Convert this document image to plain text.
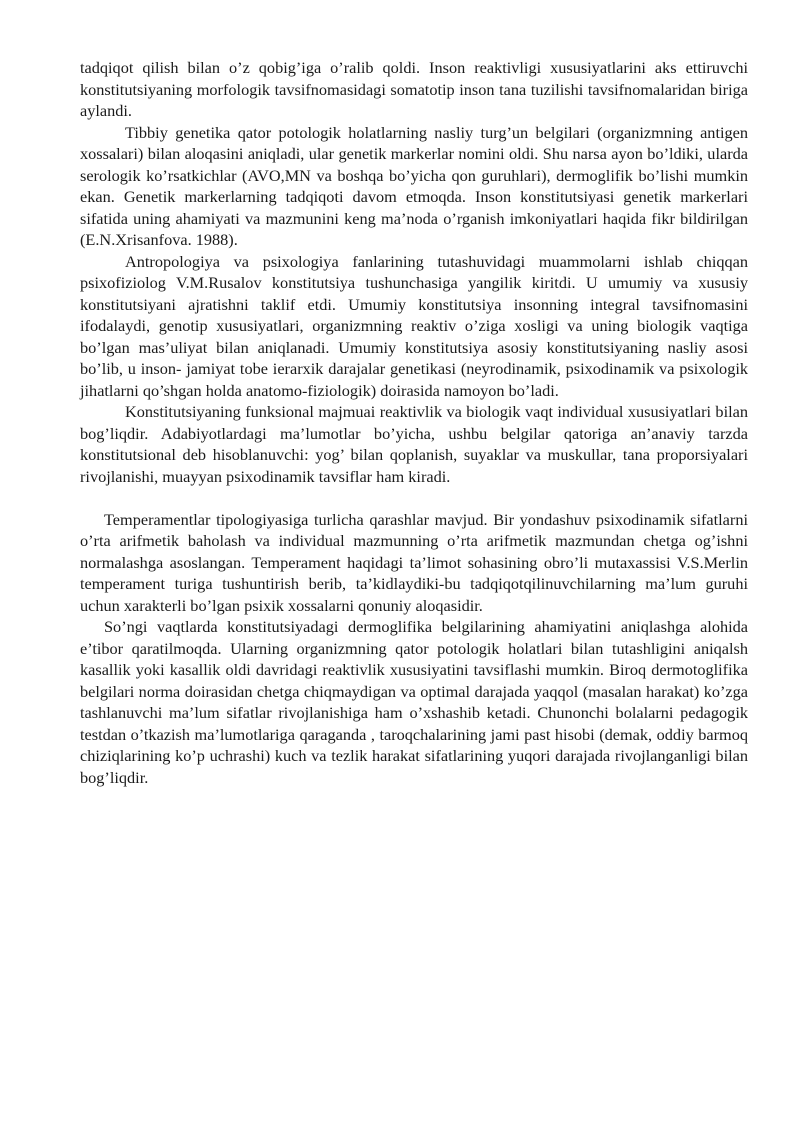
tadqiqot qilish bilan o’z qobig’iga o’ralib qoldi. Inson reaktivligi xususiyatlarini aks ettiruvchi konstitutsiyaning morfologik tavsifnomasidagi somatotip inson tana tuzilishi tavsifnomalaridan biriga aylandi.

Tibbiy genetika qator potologik holatlarning nasliy turg’un belgilari (organizmning antigen xossalari) bilan aloqasini aniqladi, ular genetik markerlar nomini oldi. Shu narsa ayon bo’ldiki, ularda serologik ko’rsatkichlar (AVO,MN va boshqa bo’yicha qon guruhlari), dermoglifik bo’lishi mumkin ekan. Genetik markerlarning tadqiqoti davom etmoqda. Inson konstitutsiyasi genetik markerlari sifatida uning ahamiyati va mazmunini keng ma’noda o’rganish imkoniyatlari haqida fikr bildirilgan (E.N.Xrisanfova. 1988).

Antropologiya va psixologiya fanlarining tutashuvidagi muammolarni ishlab chiqqan psixofiziolog V.M.Rusalov konstitutsiya tushunchasiga yangilik kiritdi. U umumiy va xususiy konstitutsiyani ajratishni taklif etdi. Umumiy konstitutsiya insonning integral tavsifnomasini ifodalaydi, genotip xususiyatlari, organizmning reaktiv o’ziga xosligi va uning biologik vaqtiga bo’lgan mas’uliyat bilan aniqlanadi. Umumiy konstitutsiya asosiy konstitutsiyaning nasliy asosi bo’lib, u inson- jamiyat tobe ierarxik darajalar genetikasi (neyrodinamik, psixodinamik va psixologik jihatlarni qo’shgan holda anatomo-fiziologik) doirasida namoyon bo’ladi.

Konstitutsiyaning funksional majmuai reaktivlik va biologik vaqt individual xususiyatlari bilan bog’liqdir. Adabiyotlardagi ma’lumotlar bo’yicha, ushbu belgilar qatoriga an’anaviy tarzda konstitutsional deb hisoblanuvchi: yog’ bilan qoplanish, suyaklar va muskullar, tana proporsiyalari rivojlanishi, muayyan psixodinamik tavsiflar ham kiradi.

Temperamentlar tipologiyasiga turlicha qarashlar mavjud. Bir yondashuv psixodinamik sifatlarni o’rta arifmetik baholash va individual mazmunning o’rta arifmetik mazmundan chetga og’ishni normalashga asoslangan. Temperament haqidagi ta’limot sohasining obro’li mutaxassisi V.S.Merlin temperament turiga tushuntirish berib, ta’kidlaydiki-bu tadqiqotqilinuvchilarning ma’lum guruhi uchun xarakterli bo’lgan psixik xossalarni qonuniy aloqasidir.

So’ngi vaqtlarda konstitutsiyadagi dermoglifika belgilarining ahamiyatini aniqlashga alohida e’tibor qaratilmoqda. Ularning organizmning qator potologik holatlari bilan tutashligini aniqalsh kasallik yoki kasallik oldi davridagi reaktivlik xususiyatini tavsiflashi mumkin. Biroq dermotoglifika belgilari norma doirasidan chetga chiqmaydigan va optimal darajada yaqqol (masalan harakat) ko’zga tashlanuvchi ma’lum sifatlar rivojlanishiga ham o’xshashib ketadi. Chunonchi bolalarni pedagogik testdan o’tkazish ma’lumotlariga qaraganda , taroqchalarining jami past hisobi (demak, oddiy barmoq chiziqlarining ko’p uchrashi) kuch va tezlik harakat sifatlarining yuqori darajada rivojlanganligi bilan bog’liqdir.
